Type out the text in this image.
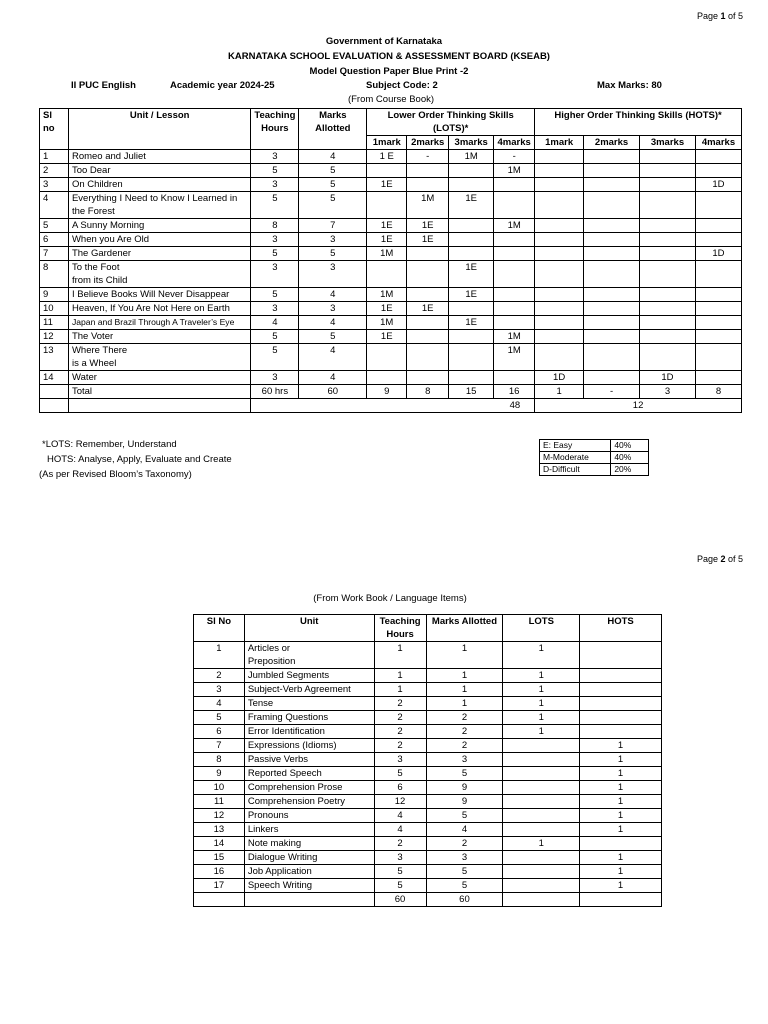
Page 1 of 5
Government of Karnataka
KARNATAKA SCHOOL EVALUATION & ASSESSMENT BOARD (KSEAB)
Model Question Paper Blue Print -2
II PUC English	Academic year 2024-25	Subject Code: 2	Max Marks: 80
(From Course Book)
Sl
no	Unit / Lesson	Teaching
Hours	Marks
Allotted	Lower Order Thinking Skills
(LOTS)*				Higher Order Thinking Skills (HOTS)*			
				1mark	2marks	3marks	4marks	1mark	2marks	3marks	4marks
1	Romeo and Juliet	3	4	1 E	-	1M	-				
2	Too Dear	5	5				1M				
3	On Children	3	5	1E							1D
4	Everything I Need to Know I Learned in the Forest	5	5		1M	1E					
5	A Sunny Morning	8	7	1E	1E		1M				
6	When you Are Old	3	3	1E	1E						
7	The Gardener	5	5	1M							1D
8	To the Foot
from its Child	3	3			1E					
9	I Believe Books Will Never Disappear	5	4	1M		1E					
10	Heaven, If You Are Not Here on Earth	3	3	1E	1E						
11	Japan and Brazil Through A Traveler’s Eye	4	4	1M		1E					
12	The Voter	5	5	1E			1M				
13	Where There
is a Wheel	5	4				1M				
14	Water	3	4					1D		1D	
	Total	60 hrs	60	9	8	15	16	1	-	3	8
		48						12			
*LOTS: Remember, Understand
HOTS: Analyse, Apply, Evaluate and Create
(As per Revised Bloom’s Taxonomy)
E: Easy	40%
M-Moderate	40%
D-Difficult	20%
Page 2 of 5
(From Work Book / Language Items)
Sl No	Unit	Teaching
Hours	Marks Allotted	LOTS	HOTS
1	Articles or
Preposition	1	1	1	
2	Jumbled Segments	1	1	1	
3	Subject-Verb Agreement	1	1	1	
4	Tense	2	1	1	
5	Framing Questions	2	2	1	
6	Error Identification	2	2	1	
7	Expressions (Idioms)	2	2		1
8	Passive Verbs	3	3		1
9	Reported Speech	5	5		1
10	Comprehension Prose	6	9		1
11	Comprehension Poetry	12	9		1
12	Pronouns	4	5		1
13	Linkers	4	4		1
14	Note making	2	2	1	
15	Dialogue Writing	3	3		1
16	Job Application	5	5		1
17	Speech Writing	5	5		1
		60	60		
